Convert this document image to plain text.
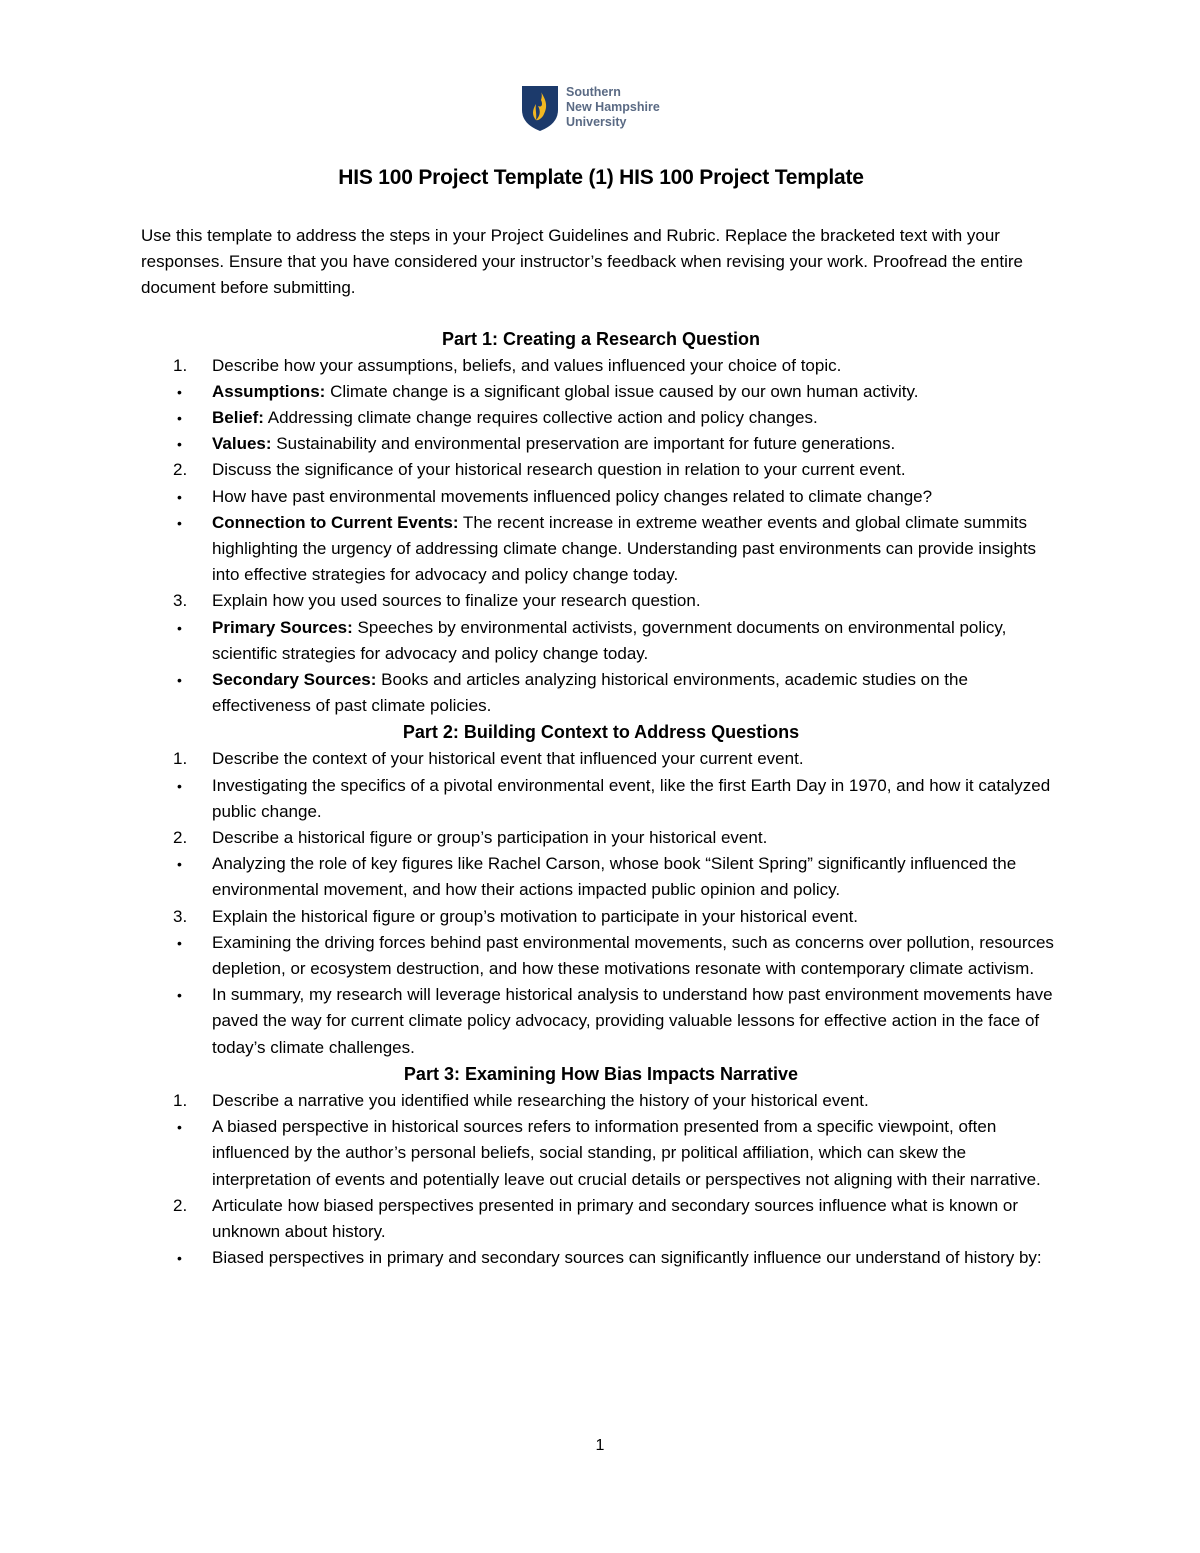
Southern
New Hampshire
University
HIS 100 Project Template (1) HIS 100 Project Template

Use this template to address the steps in your Project Guidelines and Rubric. Replace the bracketed text with your responses. Ensure that you have considered your instructor’s feedback when revising your work. Proofread the entire document before submitting.

Part 1: Creating a Research Question
1.	Describe how your assumptions, beliefs, and values influenced your choice of topic.
•	Assumptions: Climate change is a significant global issue caused by our own human activity.
•	Belief: Addressing climate change requires collective action and policy changes.
•	Values: Sustainability and environmental preservation are important for future generations.
2.	Discuss the significance of your historical research question in relation to your current event.
•	How have past environmental movements influenced policy changes related to climate change?
•	Connection to Current Events: The recent increase in extreme weather events and global climate summits highlighting the urgency of addressing climate change. Understanding past environments can provide insights into effective strategies for advocacy and policy change today.
3.	Explain how you used sources to finalize your research question.
•	Primary Sources: Speeches by environmental activists, government documents on environmental policy, scientific strategies for advocacy and policy change today.
•	Secondary Sources: Books and articles analyzing historical environments, academic studies on the effectiveness of past climate policies.
Part 2: Building Context to Address Questions
1.	Describe the context of your historical event that influenced your current event.
•	Investigating the specifics of a pivotal environmental event, like the first Earth Day in 1970, and how it catalyzed public change.
2.	Describe a historical figure or group’s participation in your historical event.
•	Analyzing the role of key figures like Rachel Carson, whose book “Silent Spring” significantly influenced the environmental movement, and how their actions impacted public opinion and policy.
3.	Explain the historical figure or group’s motivation to participate in your historical event.
•	Examining the driving forces behind past environmental movements, such as concerns over pollution, resources depletion, or ecosystem destruction, and how these motivations resonate with contemporary climate activism.
•	In summary, my research will leverage historical analysis to understand how past environment movements have paved the way for current climate policy advocacy, providing valuable lessons for effective action in the face of today’s climate challenges.
Part 3: Examining How Bias Impacts Narrative
1.	Describe a narrative you identified while researching the history of your historical event.
•	A biased perspective in historical sources refers to information presented from a specific viewpoint, often influenced by the author’s personal beliefs, social standing, pr political affiliation, which can skew the interpretation of events and potentially leave out crucial details or perspectives not aligning with their narrative.
2.	Articulate how biased perspectives presented in primary and secondary sources influence what is known or unknown about history.
•	Biased perspectives in primary and secondary sources can significantly influence our understand of history by:
1
